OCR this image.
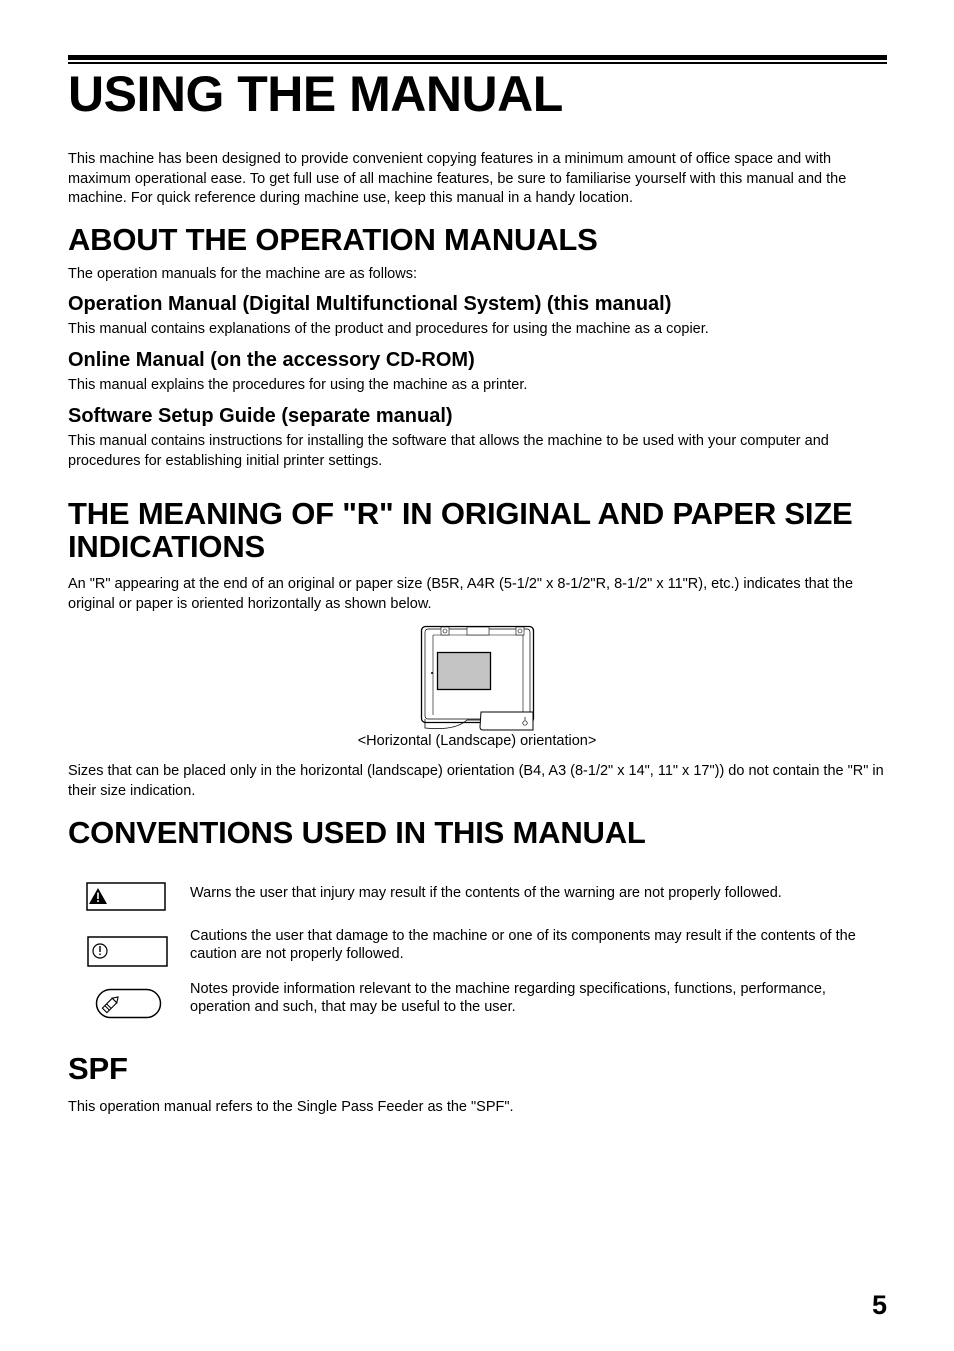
USING THE MANUAL
This machine has been designed to provide convenient copying features in a minimum amount of office space and with maximum operational ease. To get full use of all machine features, be sure to familiarise yourself with this manual and the machine. For quick reference during machine use, keep this manual in a handy location.
ABOUT THE OPERATION MANUALS
The operation manuals for the machine are as follows:
Operation Manual (Digital Multifunctional System) (this manual)
This manual contains explanations of the product and procedures for using the machine as a copier.
Online Manual (on the accessory CD-ROM)
This manual explains the procedures for using the machine as a printer.
Software Setup Guide (separate manual)
This manual contains instructions for installing the software that allows the machine to be used with your computer and procedures for establishing initial printer settings.
THE MEANING OF "R" IN ORIGINAL AND PAPER SIZE INDICATIONS
An "R" appearing at the end of an original or paper size (B5R, A4R (5-1/2" x 8-1/2"R, 8-1/2" x 11"R), etc.) indicates that the original or paper is oriented horizontally as shown below.
<Horizontal (Landscape) orientation>
Sizes that can be placed only in the horizontal (landscape) orientation (B4, A3 (8-1/2" x 14", 11" x 17")) do not contain the "R" in their size indication.
CONVENTIONS USED IN THIS MANUAL
Warns the user that injury may result if the contents of the warning are not properly followed.
Cautions the user that damage to the machine or one of its components may result if the contents of the caution are not properly followed.
Notes provide information relevant to the machine regarding specifications, functions, performance, operation and such, that may be useful to the user.
SPF
This operation manual refers to the Single Pass Feeder as the "SPF".
5
